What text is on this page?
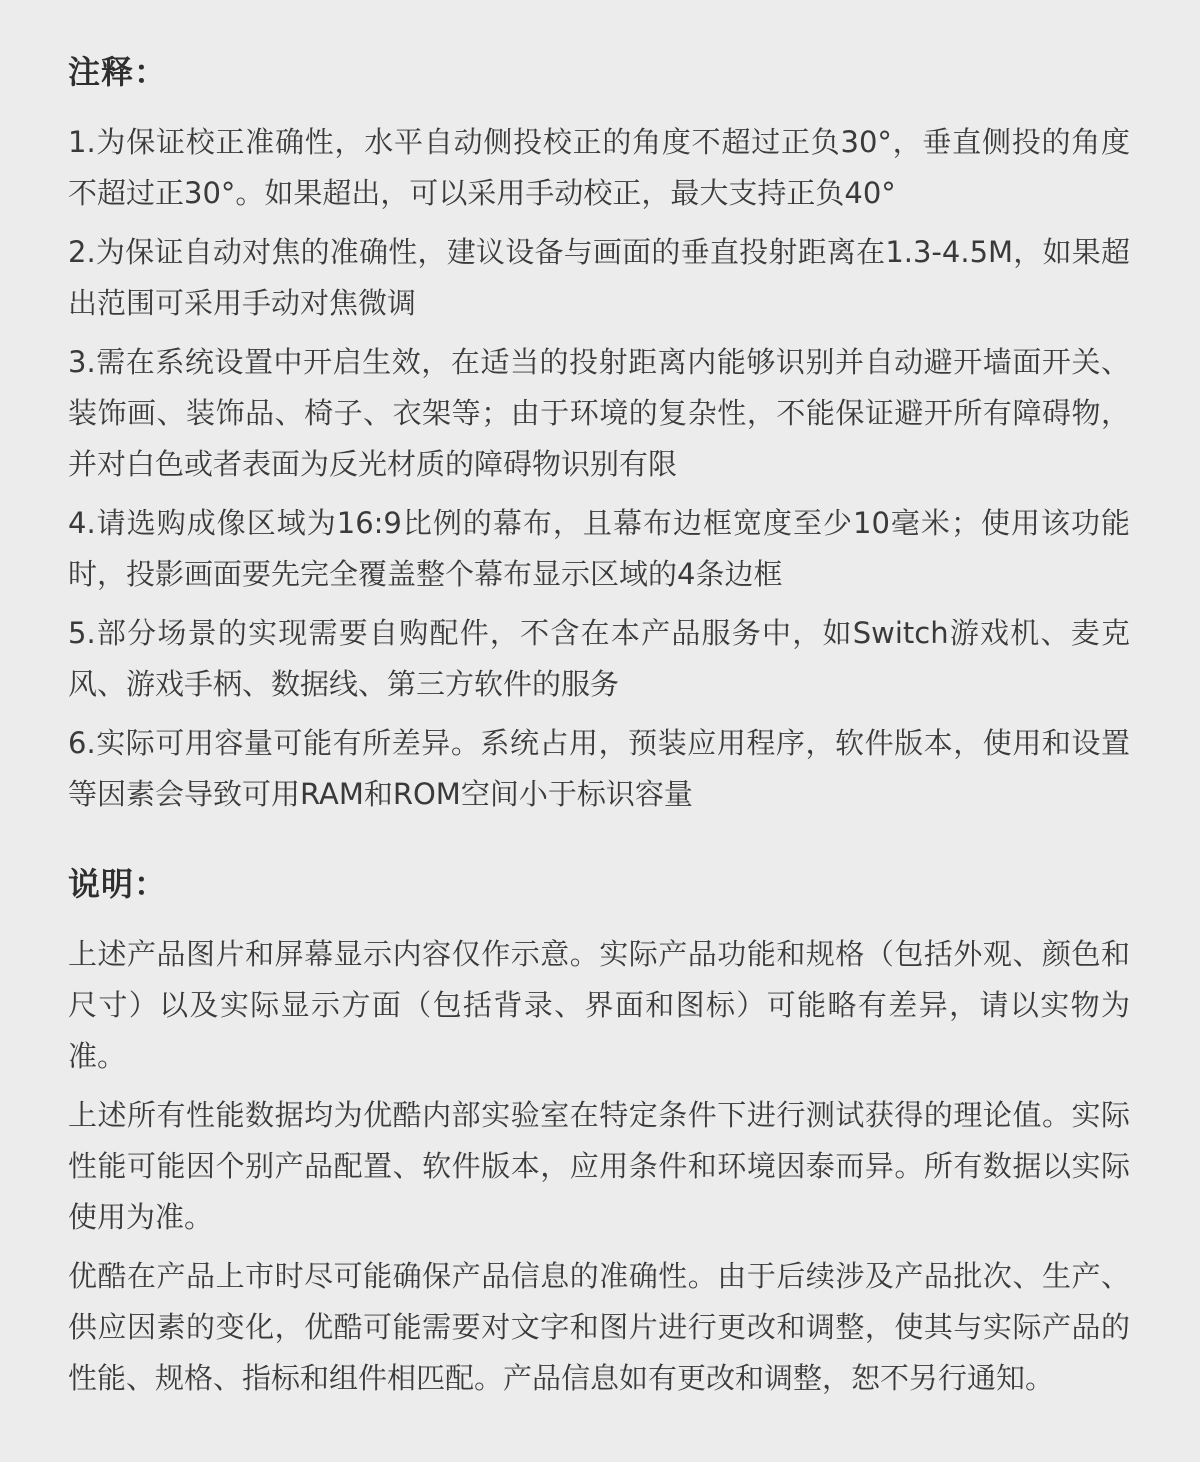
注释：

1.为保证校正准确性，水平自动侧投校正的角度不超过正负30°，垂直侧投的角度不超过正30°。如果超出，可以采用手动校正，最大支持正负40°

2.为保证自动对焦的准确性，建议设备与画面的垂直投射距离在1.3-4.5M，如果超出范围可采用手动对焦微调

3.需在系统设置中开启生效，在适当的投射距离内能够识别并自动避开墙面开关、装饰画、装饰品、椅子、衣架等；由于环境的复杂性，不能保证避开所有障碍物，并对白色或者表面为反光材质的障碍物识别有限

4.请选购成像区域为16:9比例的幕布，且幕布边框宽度至少10毫米；使用该功能时，投影画面要先完全覆盖整个幕布显示区域的4条边框

5.部分场景的实现需要自购配件，不含在本产品服务中，如Switch游戏机、麦克风、游戏手柄、数据线、第三方软件的服务

6.实际可用容量可能有所差异。系统占用，预装应用程序，软件版本，使用和设置等因素会导致可用RAM和ROM空间小于标识容量

说明：

上述产品图片和屏幕显示内容仅作示意。实际产品功能和规格（包括外观、颜色和尺寸）以及实际显示方面（包括背录、界面和图标）可能略有差异，请以实物为准。

上述所有性能数据均为优酷内部实验室在特定条件下进行测试获得的理论值。实际性能可能因个别产品配置、软件版本，应用条件和环境因泰而异。所有数据以实际使用为准。

优酷在产品上市时尽可能确保产品信息的准确性。由于后续涉及产品批次、生产、供应因素的变化，优酷可能需要对文字和图片进行更改和调整，使其与实际产品的性能、规格、指标和组件相匹配。产品信息如有更改和调整，恕不另行通知。
